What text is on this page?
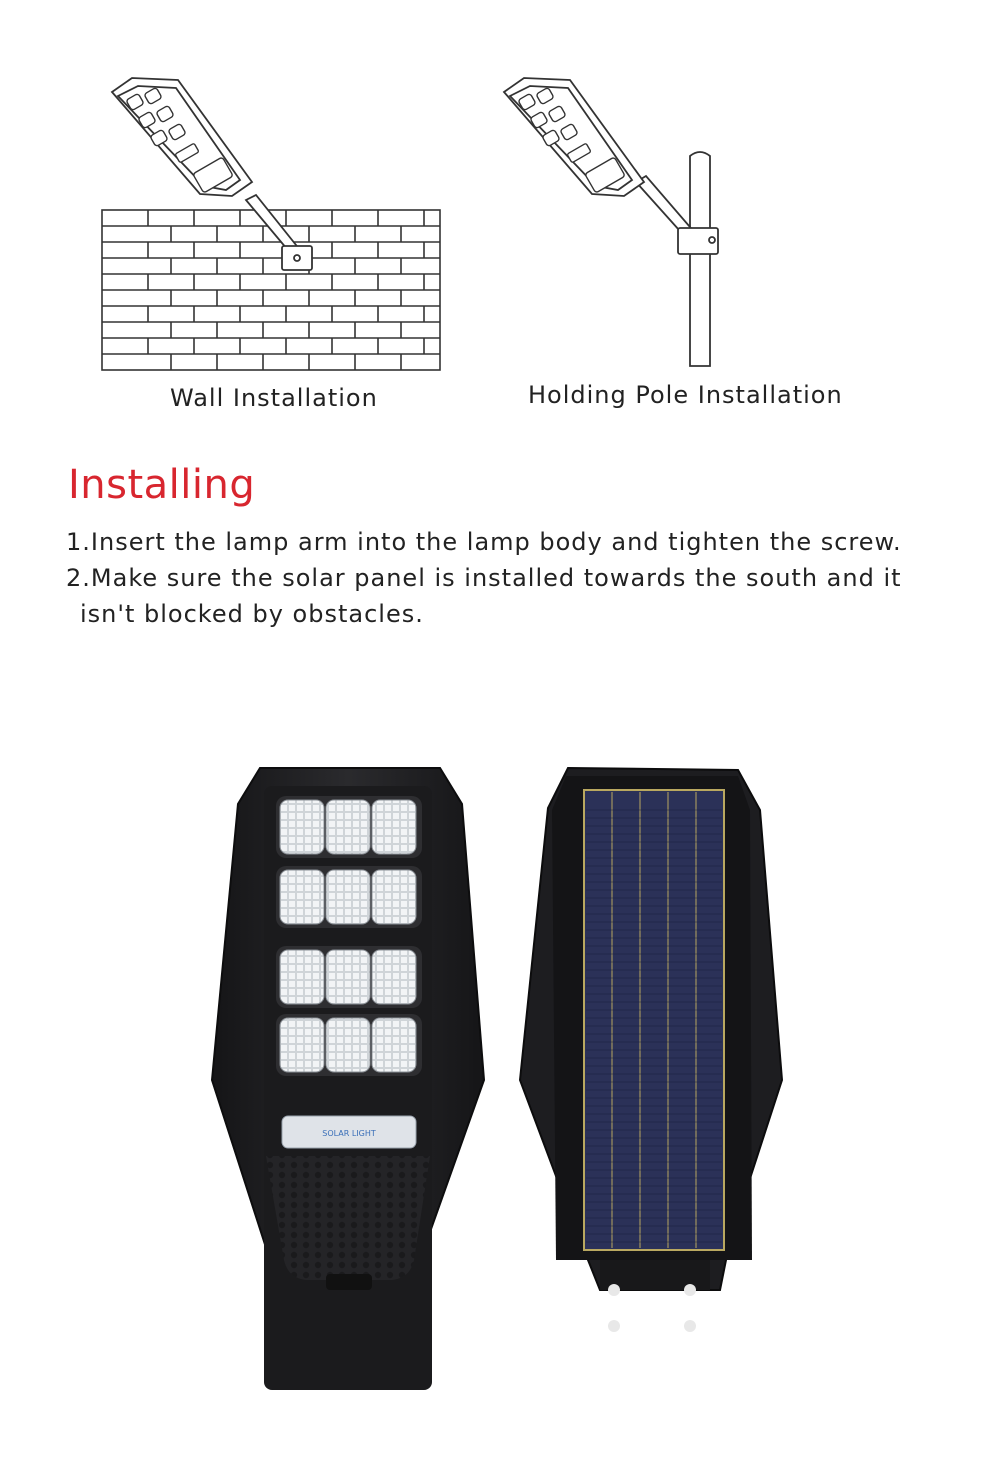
Wall Installation	Holding Pole Installation
Installing
1.Insert the lamp arm into the lamp body and tighten the screw.
2.Make sure the solar panel is installed towards the south and it
isn't blocked by obstacles.
SOLAR LIGHT
